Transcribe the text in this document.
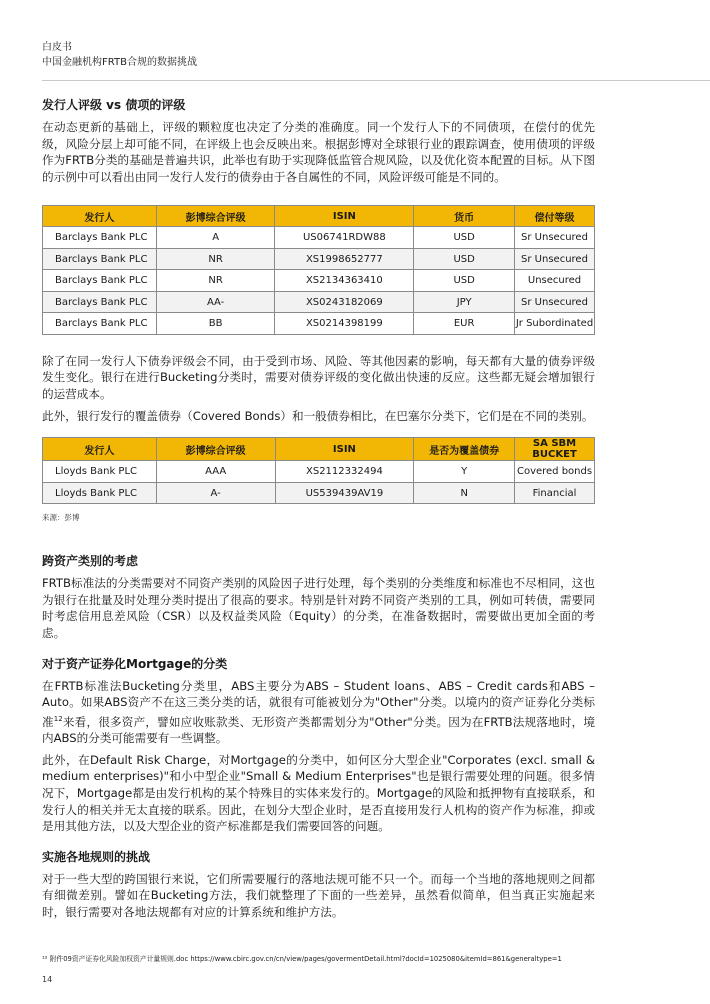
白皮书
中国金融机构FRTB合规的数据挑战
发行人评级 vs 债项的评级

在动态更新的基础上，评级的颗粒度也决定了分类的准确度。同一个发行人下的不同债项，在偿付的优先级，风险分层上却可能不同，在评级上也会反映出来。根据彭博对全球银行业的跟踪调查，使用债项的评级作为FRTB分类的基础是普遍共识，此举也有助于实现降低监管合规风险，以及优化资本配置的目标。从下图的示例中可以看出由同一发行人发行的债券由于各自属性的不同，风险评级可能是不同的。

发行人	彭博综合评级	ISIN	货币	偿付等级
Barclays Bank PLC	A	US06741RDW88	USD	Sr Unsecured
Barclays Bank PLC	NR	XS1998652777	USD	Sr Unsecured
Barclays Bank PLC	NR	XS2134363410	USD	Unsecured
Barclays Bank PLC	AA-	XS0243182069	JPY	Sr Unsecured
Barclays Bank PLC	BB	XS0214398199	EUR	Jr Subordinated

除了在同一发行人下债券评级会不同，由于受到市场、风险、等其他因素的影响，每天都有大量的债券评级发生变化。银行在进行Bucketing分类时，需要对债券评级的变化做出快速的反应。这些都无疑会增加银行的运营成本。

此外，银行发行的覆盖债券（Covered Bonds）和一般债券相比，在巴塞尔分类下，它们是在不同的类别。

发行人	彭博综合评级	ISIN	是否为覆盖债券	SA SBM BUCKET
Lloyds Bank PLC	AAA	XS2112332494	Y	Covered bonds
Lloyds Bank PLC	A-	US539439AV19	N	Financial
来源：彭博
跨资产类别的考虑

FRTB标准法的分类需要对不同资产类别的风险因子进行处理，每个类别的分类维度和标准也不尽相同，这也为银行在批量及时处理分类时提出了很高的要求。特别是针对跨不同资产类别的工具，例如可转债，需要同时考虑信用息差风险（CSR）以及权益类风险（Equity）的分类，在准备数据时，需要做出更加全面的考虑。

对于资产证券化Mortgage的分类

在FRTB标准法Bucketing分类里，ABS主要分为ABS – Student loans、ABS – Credit cards和ABS – Auto。如果ABS资产不在这三类分类的话，就很有可能被划分为"Other"分类。以境内的资产证券化分类标准$^{12}$来看，很多资产，譬如应收账款类、无形资产类都需划分为"Other"分类。因为在FRTB法规落地时，境内ABS的分类可能需要有一些调整。

此外，在Default Risk Charge，对Mortgage的分类中，如何区分大型企业"Corporates (excl. small & medium enterprises)"和小中型企业"Small & Medium Enterprises"也是银行需要处理的问题。很多情况下，Mortgage都是由发行机构的某个特殊目的实体来发行的。Mortgage的风险和抵押物有直接联系，和发行人的相关并无太直接的联系。因此，在划分大型企业时，是否直接用发行人机构的资产作为标准，抑或是用其他方法，以及大型企业的资产标准都是我们需要回答的问题。

实施各地规则的挑战

对于一些大型的跨国银行来说，它们所需要履行的落地法规可能不只一个。而每一个当地的落地规则之间都有细微差别。譬如在Bucketing方法，我们就整理了下面的一些差异，虽然看似简单，但当真正实施起来时，银行需要对各地法规都有对应的计算系统和维护方法。

¹² 附件09资产证券化风险加权资产计量规则.doc https://www.cbirc.gov.cn/cn/view/pages/govermentDetail.html?docId=1025080&itemId=861&generaltype=1
14
